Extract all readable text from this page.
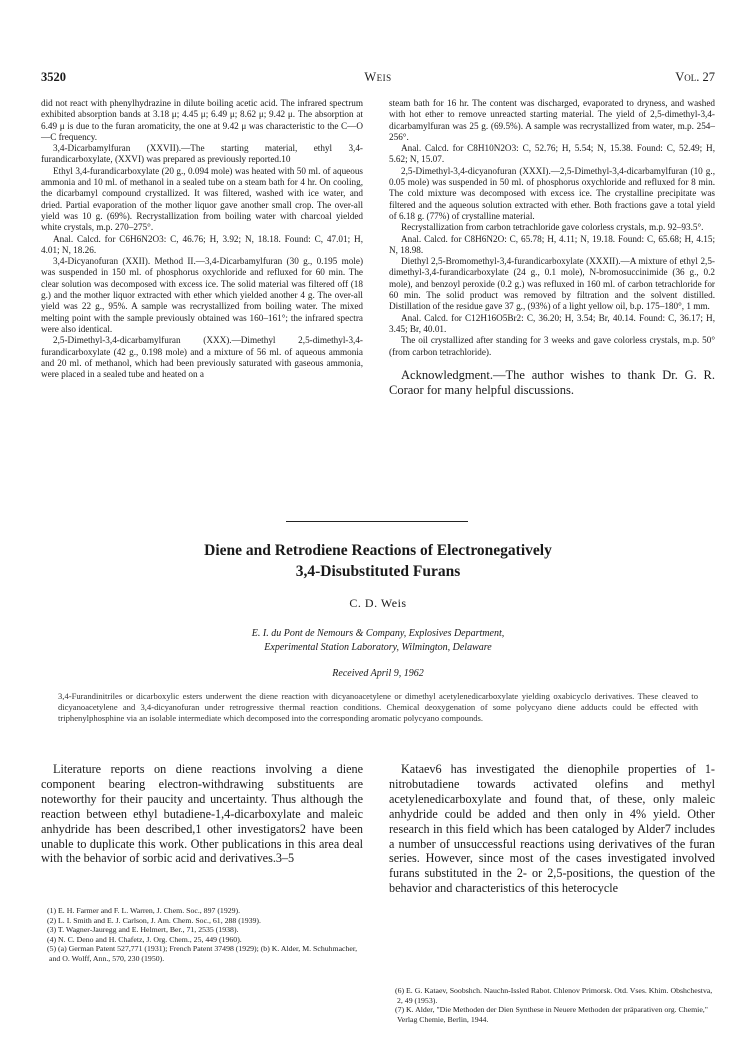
3520	Weis	Vol. 27

did not react with phenylhydrazine in dilute boiling acetic acid. The infrared spectrum exhibited absorption bands at 3.18 μ; 4.45 μ; 6.49 μ; 8.62 μ; 9.42 μ. The absorption at 6.49 μ is due to the furan aromaticity, the one at 9.42 μ was characteristic to the C—O—C frequency.

3,4-Dicarbamylfuran (XXVII).—The starting material, ethyl 3,4-furandicarboxylate, (XXVI) was prepared as previously reported.10

Ethyl 3,4-furandicarboxylate (20 g., 0.094 mole) was heated with 50 ml. of aqueous ammonia and 10 ml. of methanol in a sealed tube on a steam bath for 4 hr. On cooling, the dicarbamyl compound crystallized. It was filtered, washed with ice water, and dried. Partial evaporation of the mother liquor gave another small crop. The over-all yield was 10 g. (69%). Recrystallization from boiling water with charcoal yielded white crystals, m.p. 270–275°.

Anal. Calcd. for C6H6N2O3: C, 46.76; H, 3.92; N, 18.18. Found: C, 47.01; H, 4.01; N, 18.26.

3,4-Dicyanofuran (XXII). Method II.—3,4-Dicarbamylfuran (30 g., 0.195 mole) was suspended in 150 ml. of phosphorus oxychloride and refluxed for 60 min. The clear solution was decomposed with excess ice. The solid material was filtered off (18 g.) and the mother liquor extracted with ether which yielded another 4 g. The over-all yield was 22 g., 95%. A sample was recrystallized from boiling water. The mixed melting point with the sample previously obtained was 160–161°; the infrared spectra were also identical.

2,5-Dimethyl-3,4-dicarbamylfuran (XXX).—Dimethyl 2,5-dimethyl-3,4-furandicarboxylate (42 g., 0.198 mole) and a mixture of 56 ml. of aqueous ammonia and 20 ml. of methanol, which had been previously saturated with gaseous ammonia, were placed in a sealed tube and heated on a

steam bath for 16 hr. The content was discharged, evaporated to dryness, and washed with hot ether to remove unreacted starting material. The yield of 2,5-dimethyl-3,4-dicarbamylfuran was 25 g. (69.5%). A sample was recrystallized from water, m.p. 254–256°.

Anal. Calcd. for C8H10N2O3: C, 52.76; H, 5.54; N, 15.38. Found: C, 52.49; H, 5.62; N, 15.07.

2,5-Dimethyl-3,4-dicyanofuran (XXXI).—2,5-Dimethyl-3,4-dicarbamylfuran (10 g., 0.05 mole) was suspended in 50 ml. of phosphorus oxychloride and refluxed for 8 min. The cold mixture was decomposed with excess ice. The crystalline precipitate was filtered and the aqueous solution extracted with ether. Both fractions gave a total yield of 6.18 g. (77%) of crystalline material.

Recrystallization from carbon tetrachloride gave colorless crystals, m.p. 92–93.5°.

Anal. Calcd. for C8H6N2O: C, 65.78; H, 4.11; N, 19.18. Found: C, 65.68; H, 4.15; N, 18.98.

Diethyl 2,5-Bromomethyl-3,4-furandicarboxylate (XXXII).—A mixture of ethyl 2,5-dimethyl-3,4-furandicarboxylate (24 g., 0.1 mole), N-bromosuccinimide (36 g., 0.2 mole), and benzoyl peroxide (0.2 g.) was refluxed in 160 ml. of carbon tetrachloride for 60 min. The solid product was removed by filtration and the solvent distilled. Distillation of the residue gave 37 g., (93%) of a light yellow oil, b.p. 175–180°, 1 mm.

Anal. Calcd. for C12H16O5Br2: C, 36.20; H, 3.54; Br, 40.14. Found: C, 36.17; H, 3.45; Br, 40.01.

The oil crystallized after standing for 3 weeks and gave colorless crystals, m.p. 50° (from carbon tetrachloride).

Acknowledgment.—The author wishes to thank Dr. G. R. Coraor for many helpful discussions.

Diene and Retrodiene Reactions of Electronegatively
3,4-Disubstituted Furans
C. D. Weis
E. I. du Pont de Nemours & Company, Explosives Department,
Experimental Station Laboratory, Wilmington, Delaware
Received April 9, 1962
3,4-Furandinitriles or dicarboxylic esters underwent the diene reaction with dicyanoacetylene or dimethyl acetylenedicarboxylate yielding oxabicyclo derivatives. These cleaved to dicyanoacetylene and 3,4-dicyanofuran under retrogressive thermal reaction conditions. Chemical deoxygenation of some polycyano diene adducts could be effected with triphenylphosphine via an isolable intermediate which decomposed into the corresponding aromatic polycyano compounds.
Literature reports on diene reactions involving a diene component bearing electron-withdrawing substituents are noteworthy for their paucity and uncertainty. Thus although the reaction between ethyl butadiene-1,4-dicarboxylate and maleic anhydride has been described,1 other investigators2 have been unable to duplicate this work. Other publications in this area deal with the behavior of sorbic acid and derivatives.3–5
Kataev6 has investigated the dienophile properties of 1-nitrobutadiene towards activated olefins and methyl acetylenedicarboxylate and found that, of these, only maleic anhydride could be added and then only in 4% yield. Other research in this field which has been cataloged by Alder7 includes a number of unsuccessful reactions using derivatives of the furan series. However, since most of the cases investigated involved furans substituted in the 2- or 2,5-positions, the question of the behavior and characteristics of this heterocycle

(1) E. H. Farmer and F. L. Warren, J. Chem. Soc., 897 (1929).

(2) L. I. Smith and E. J. Carlson, J. Am. Chem. Soc., 61, 288 (1939).

(3) T. Wagner-Jauregg and E. Helmert, Ber., 71, 2535 (1938).

(4) N. C. Deno and H. Chafetz, J. Org. Chem., 25, 449 (1960).

(5) (a) German Patent 527,771 (1931); French Patent 37498 (1929); (b) K. Alder, M. Schuhmacher, and O. Wolff, Ann., 570, 230 (1950).

(6) E. G. Kataev, Soobshch. Nauchn-Issled Rabot. Chlenov Primorsk. Otd. Vses. Khim. Obshchestva, 2, 49 (1953).

(7) K. Alder, "Die Methoden der Dien Synthese in Neuere Methoden der präparativen org. Chemie," Verlag Chemie, Berlin, 1944.
